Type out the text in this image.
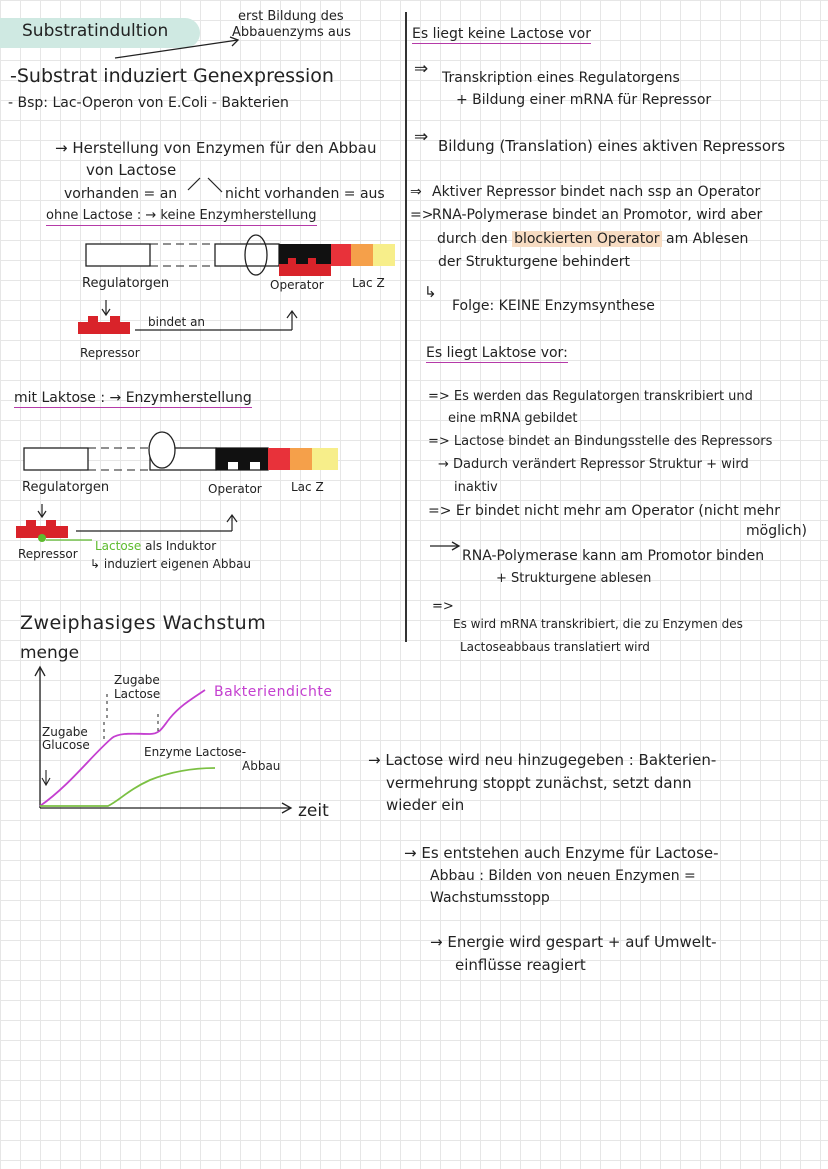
Substratindultion
erst Bildung des
Abbauenzyms aus
-Substrat induziert Genexpression
- Bsp: Lac-Operon von E.Coli - Bakterien
→ Herstellung von Enzymen für den Abbau
von Lactose
vorhanden = an	nicht vorhanden = aus
ohne Lactose : → keine Enzymherstellung
Regulatorgen	Operator Lac Z
bindet an
Repressor
mit Laktose : → Enzymherstellung
Regulatorgen	Operator Lac Z
Repressor
Lactose als Induktor
↳ induziert eigenen Abbau
Zweiphasiges Wachstum
menge
Zugabe
Lactose	Bakteriendichte
Zugabe
Glucose	Enzyme Lactose-
Abbau
zeit
Es liegt keine Lactose vor
⇒ Transkription eines Regulatorgens
+ Bildung einer mRNA für Repressor
⇒ Bildung (Translation) eines aktiven Repressors
⇒ Aktiver Repressor bindet nach ssp an Operator
=>
RNA-Polymerase bindet an Promotor, wird aber
durch den blockierten Operator am Ablesen
der Strukturgene behindert
↳
Folge: KEINE Enzymsynthese
Es liegt Laktose vor:
=> Es werden das Regulatorgen transkribiert und
eine mRNA gebildet
=> Lactose bindet an Bindungsstelle des Repressors
→ Dadurch verändert Repressor Struktur + wird
inaktiv
=> Er bindet nicht mehr am Operator (nicht mehr
möglich)
RNA-Polymerase kann am Promotor binden
+ Strukturgene ablesen
=>
Es wird mRNA transkribiert, die zu Enzymen des
Lactoseabbaus translatiert wird
→ Lactose wird neu hinzugegeben : Bakterien-
vermehrung stoppt zunächst, setzt dann
wieder ein
→ Es entstehen auch Enzyme für Lactose-
Abbau : Bilden von neuen Enzymen =
Wachstumsstopp
→ Energie wird gespart + auf Umwelt-
einflüsse reagiert
